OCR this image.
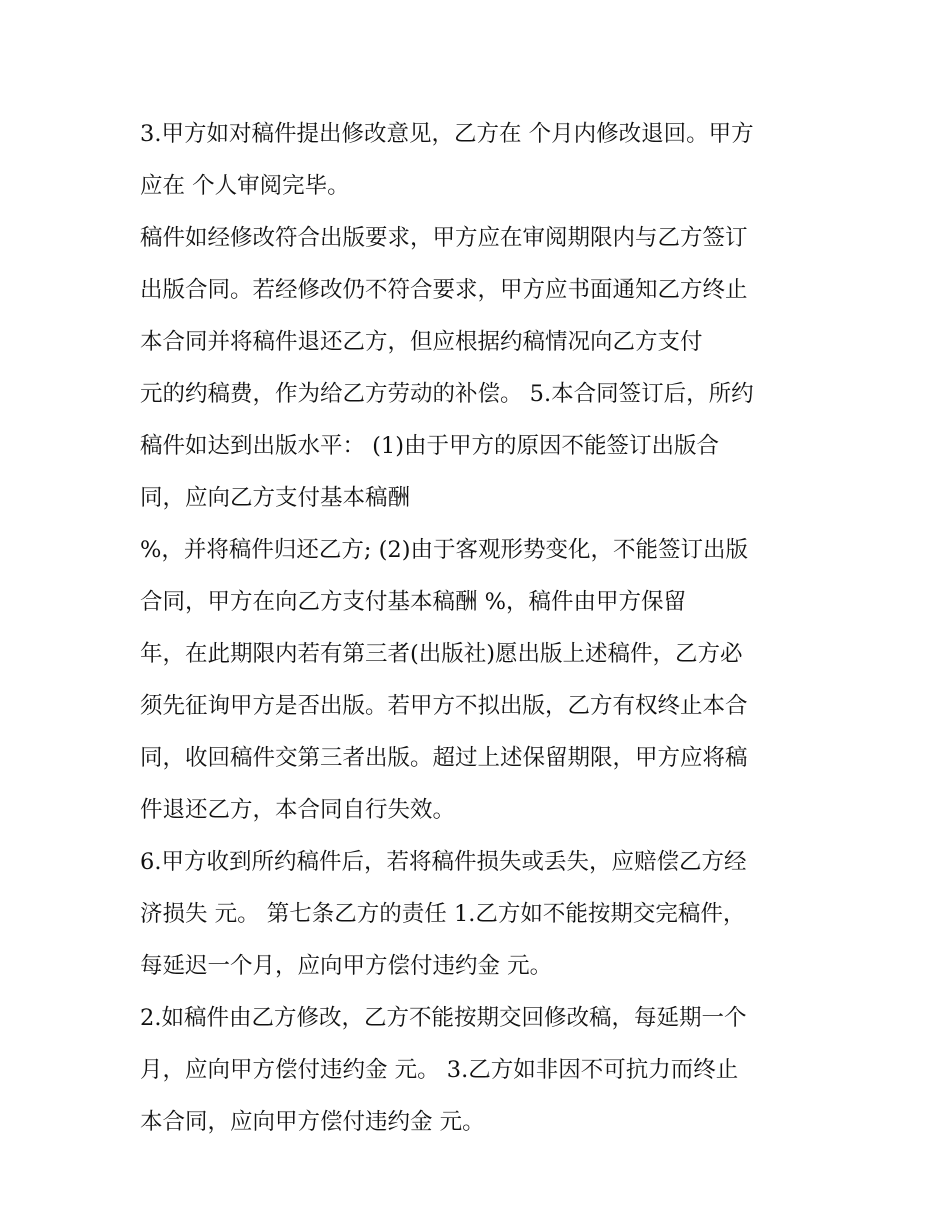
3.甲方如对稿件提出修改意见，乙方在 个月内修改退回。甲方
应在 个人审阅完毕。
稿件如经修改符合出版要求，甲方应在审阅期限内与乙方签订
出版合同。若经修改仍不符合要求，甲方应书面通知乙方终止
本合同并将稿件退还乙方，但应根据约稿情况向乙方支付
元的约稿费，作为给乙方劳动的补偿。 5.本合同签订后，所约
稿件如达到出版水平： (1)由于甲方的原因不能签订出版合
同，应向乙方支付基本稿酬
%，并将稿件归还乙方; (2)由于客观形势变化，不能签订出版
合同，甲方在向乙方支付基本稿酬 %，稿件由甲方保留
年，在此期限内若有第三者(出版社)愿出版上述稿件，乙方必
须先征询甲方是否出版。若甲方不拟出版，乙方有权终止本合
同，收回稿件交第三者出版。超过上述保留期限，甲方应将稿
件退还乙方，本合同自行失效。
6.甲方收到所约稿件后，若将稿件损失或丢失，应赔偿乙方经
济损失 元。 第七条乙方的责任 1.乙方如不能按期交完稿件，
每延迟一个月，应向甲方偿付违约金 元。
2.如稿件由乙方修改，乙方不能按期交回修改稿，每延期一个
月，应向甲方偿付违约金 元。 3.乙方如非因不可抗力而终止
本合同，应向甲方偿付违约金 元。
